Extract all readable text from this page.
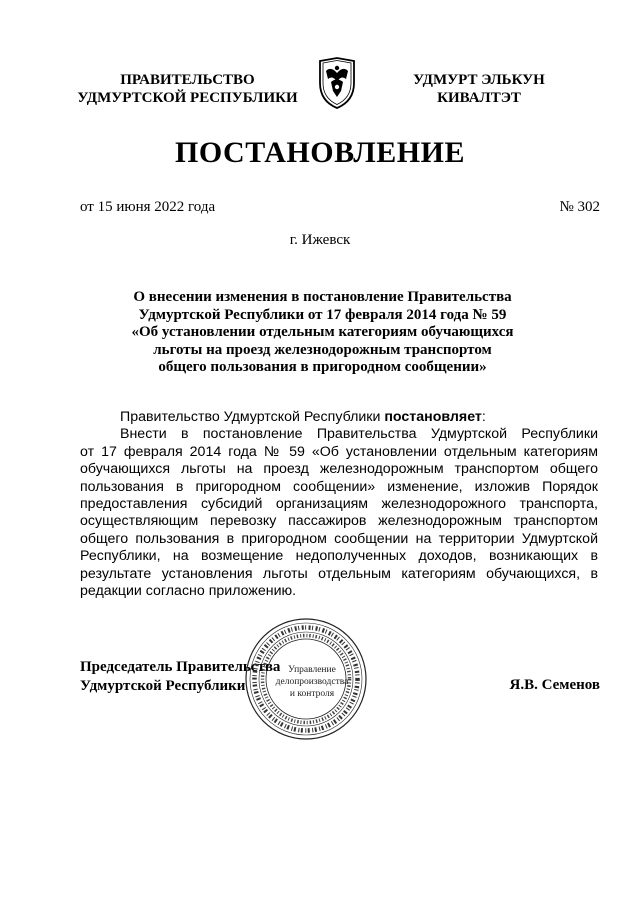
ПРАВИТЕЛЬСТВО
УДМУРТСКОЙ РЕСПУБЛИКИ
УДМУРТ ЭЛЬКУН
КИВАЛТЭТ
ПОСТАНОВЛЕНИЕ
от 15 июня 2022 года	№ 302
г. Ижевск
О внесении изменения в постановление Правительства
Удмуртской Республики от 17 февраля 2014 года № 59
«Об установлении отдельным категориям обучающихся
льготы на проезд железнодорожным транспортом
общего пользования в пригородном сообщении»
Правительство Удмуртской Республики постановляет:
Внести в постановление Правительства Удмуртской Республики
от 17 февраля 2014 года № 59 «Об установлении отдельным категориям
обучающихся льготы на проезд железнодорожным транспортом общего
пользования в пригородном сообщении» изменение, изложив Порядок
предоставления субсидий организациям железнодорожного транспорта,
осуществляющим перевозку пассажиров железнодорожным транспортом
общего пользования в пригородном сообщении на территории Удмуртской
Республики, на возмещение недополученных доходов, возникающих в
результате установления льготы отдельным категориям обучающихся, в
редакции согласно приложению.
Председатель Правительства
Удмуртской Республики	Я.В. Семенов
Управление
делопроизводства
и контроля
